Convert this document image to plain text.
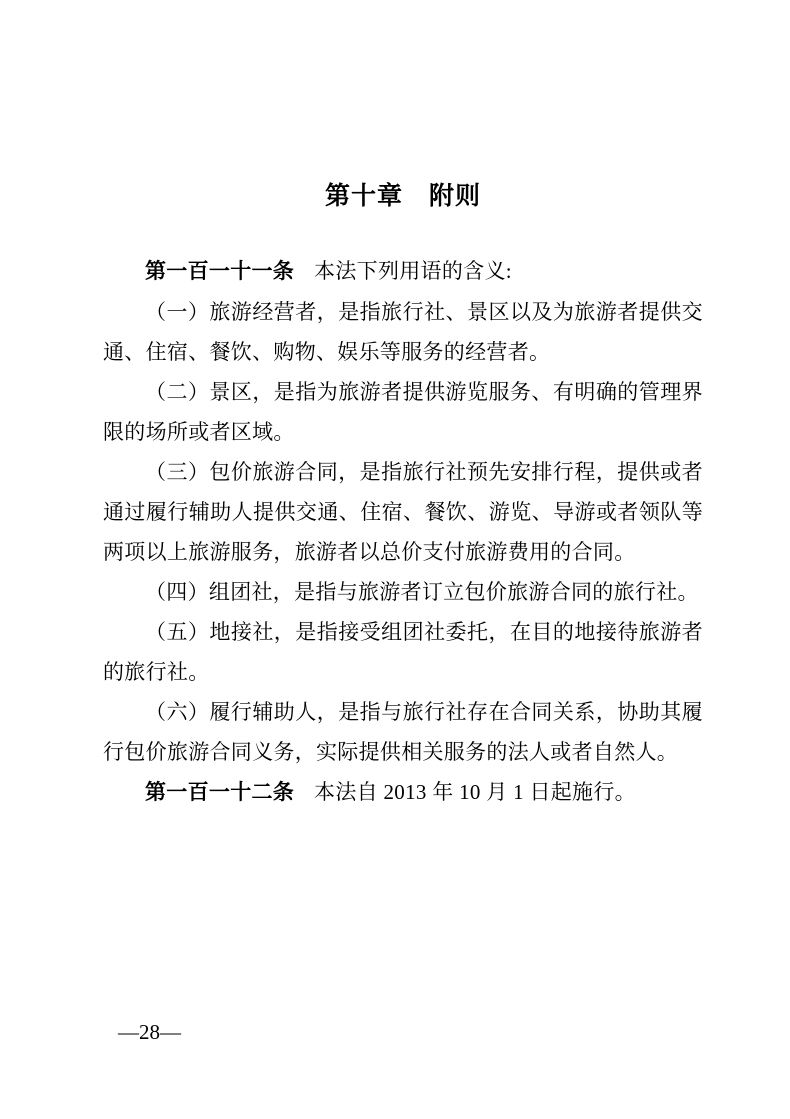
第十章　附则

第一百一十一条 本法下列用语的含义:

（一）旅游经营者，是指旅行社、景区以及为旅游者提供交通、住宿、餐饮、购物、娱乐等服务的经营者。

（二）景区，是指为旅游者提供游览服务、有明确的管理界限的场所或者区域。

（三）包价旅游合同，是指旅行社预先安排行程，提供或者通过履行辅助人提供交通、住宿、餐饮、游览、导游或者领队等两项以上旅游服务，旅游者以总价支付旅游费用的合同。

（四）组团社，是指与旅游者订立包价旅游合同的旅行社。

（五）地接社，是指接受组团社委托，在目的地接待旅游者的旅行社。

（六）履行辅助人，是指与旅行社存在合同关系，协助其履行包价旅游合同义务，实际提供相关服务的法人或者自然人。

第一百一十二条 本法自 2013 年 10 月 1 日起施行。

—28—
